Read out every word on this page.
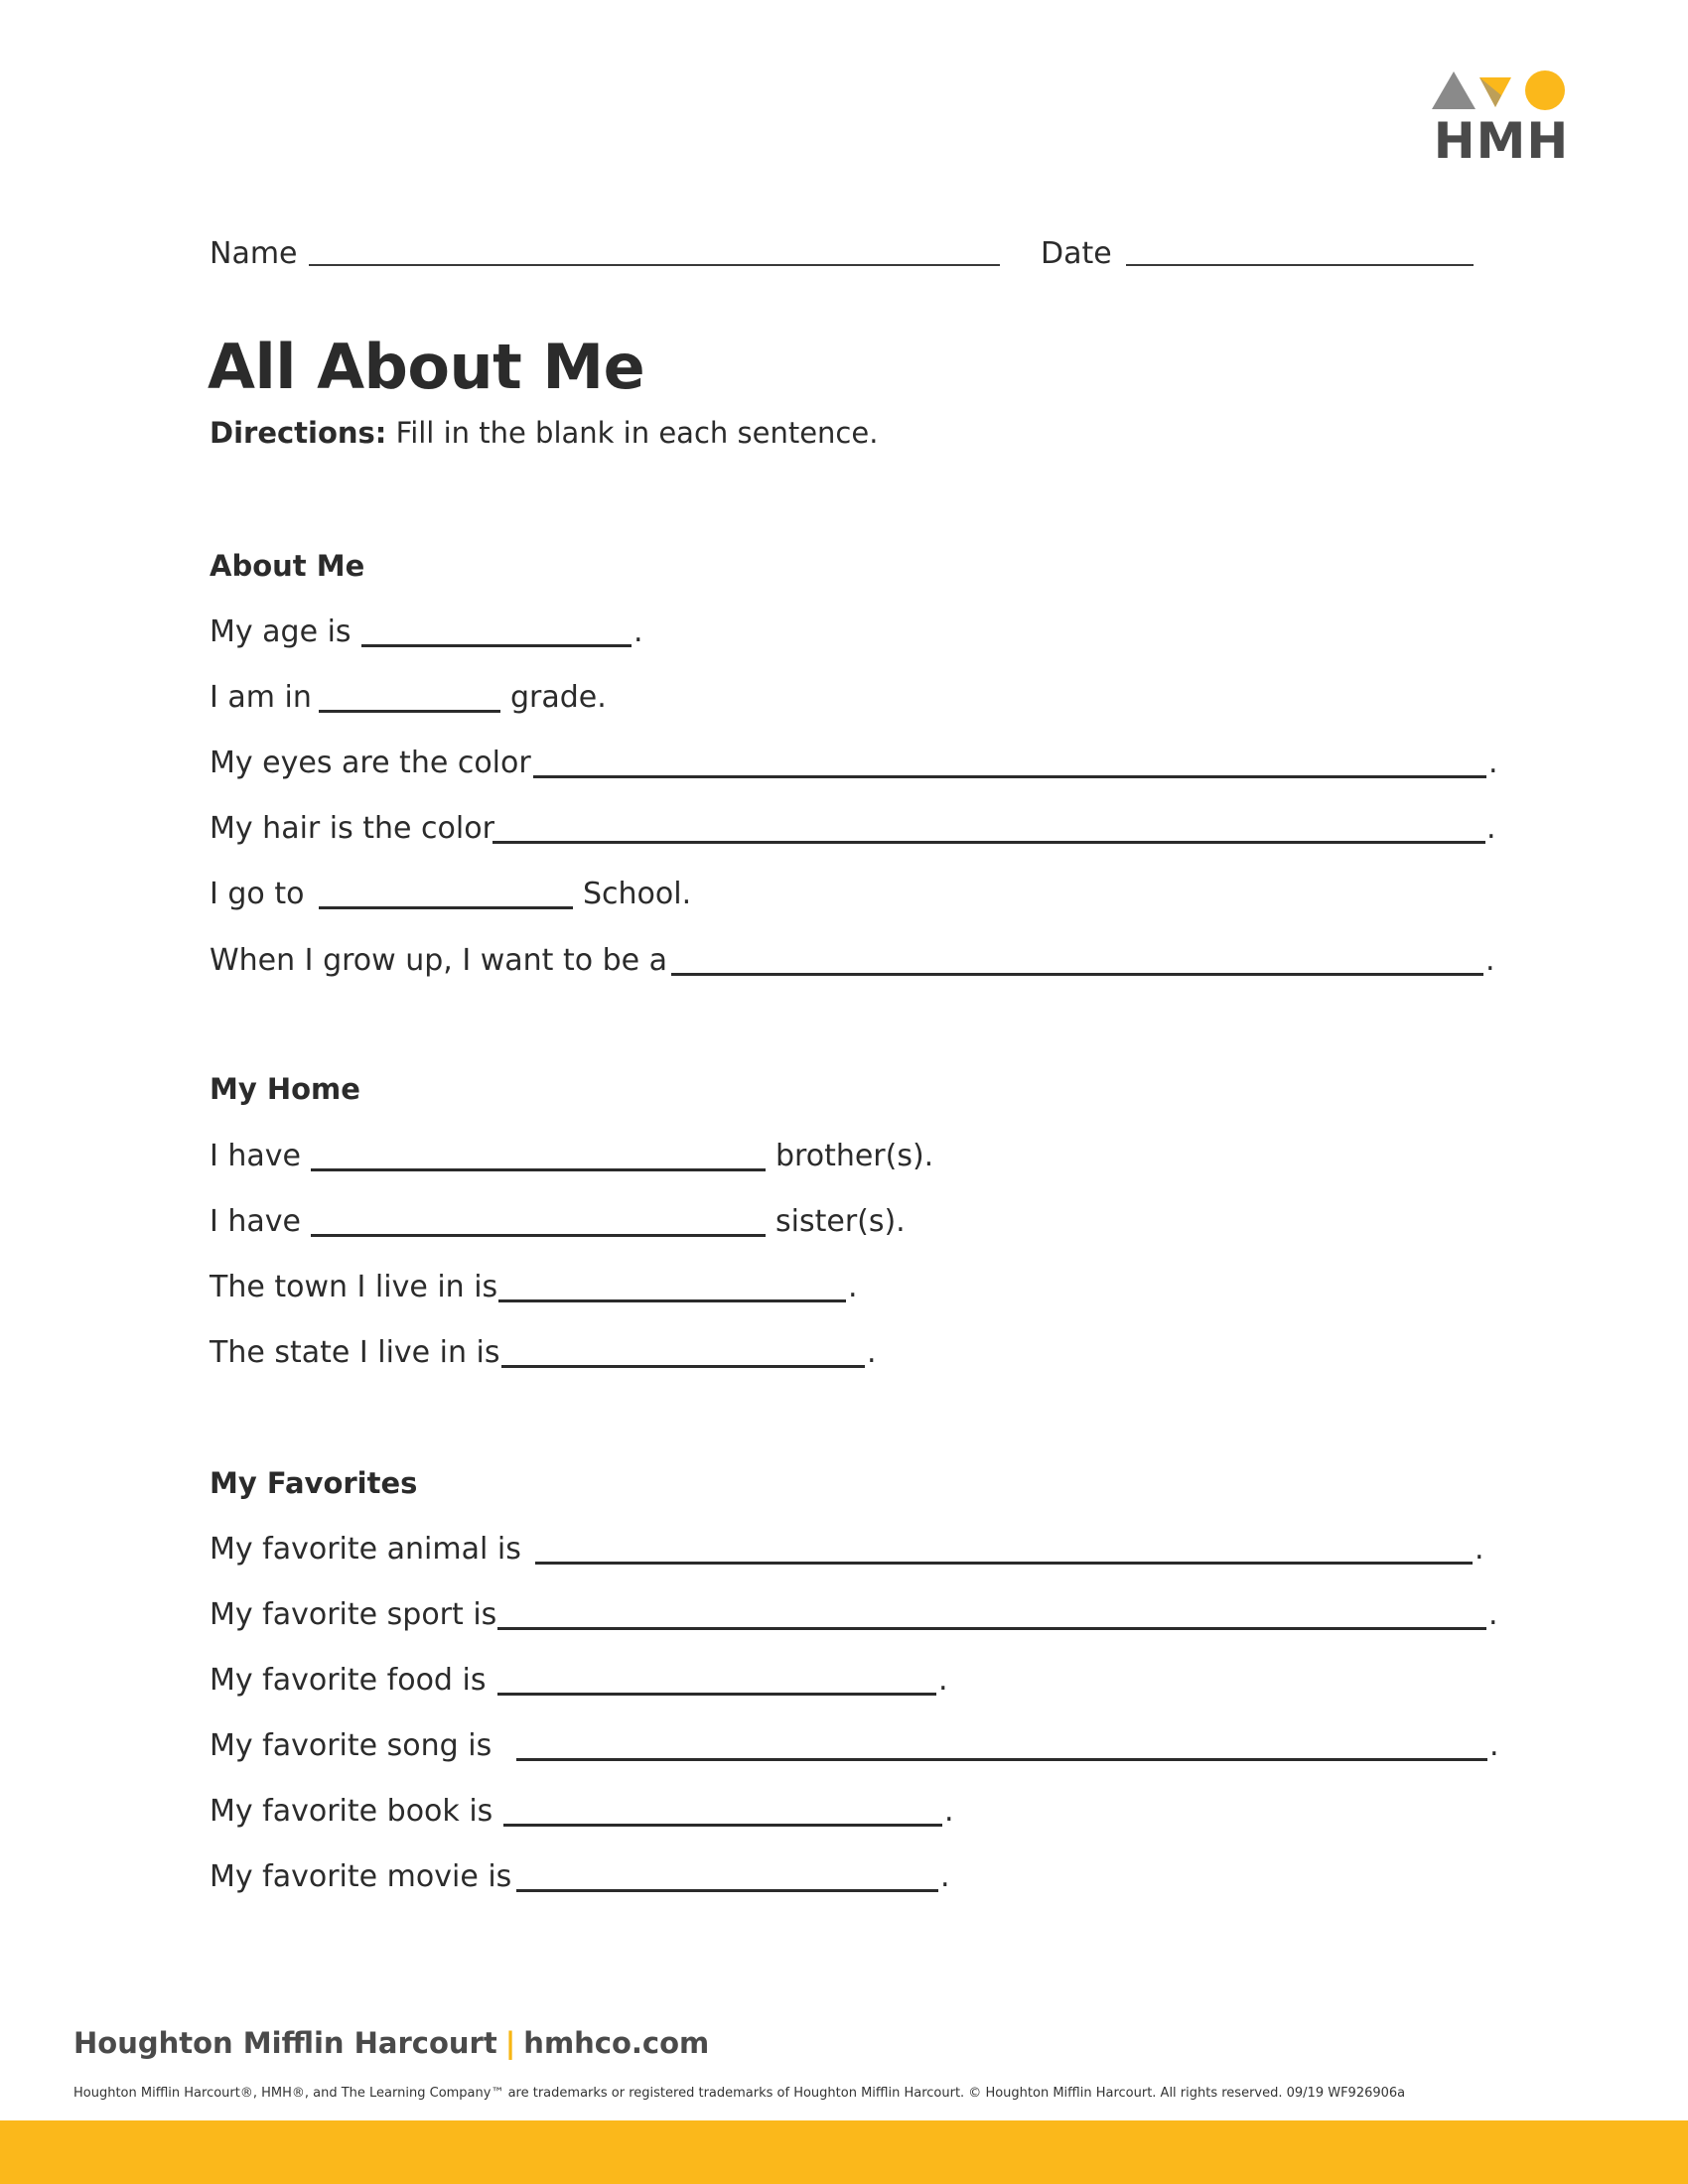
HMH
Name	Date
All About Me
Directions: Fill in the blank in each sentence.
About Me
My age is	.
I am in	grade.
My eyes are the color	.
My hair is the color	.
I go to	School.
When I grow up, I want to be a	.
My Home
I have	brother(s).
I have	sister(s).
The town I live in is	.
The state I live in is	.
My Favorites
My favorite animal is	.
My favorite sport is	.
My favorite food is	.
My favorite song is	.
My favorite book is	.
My favorite movie is	.
Houghton Mifflin Harcourt | hmhco.com
Houghton Mifflin Harcourt®, HMH®, and The Learning Company™ are trademarks or registered trademarks of Houghton Mifflin Harcourt. © Houghton Mifflin Harcourt. All rights reserved. 09/19 WF926906a
